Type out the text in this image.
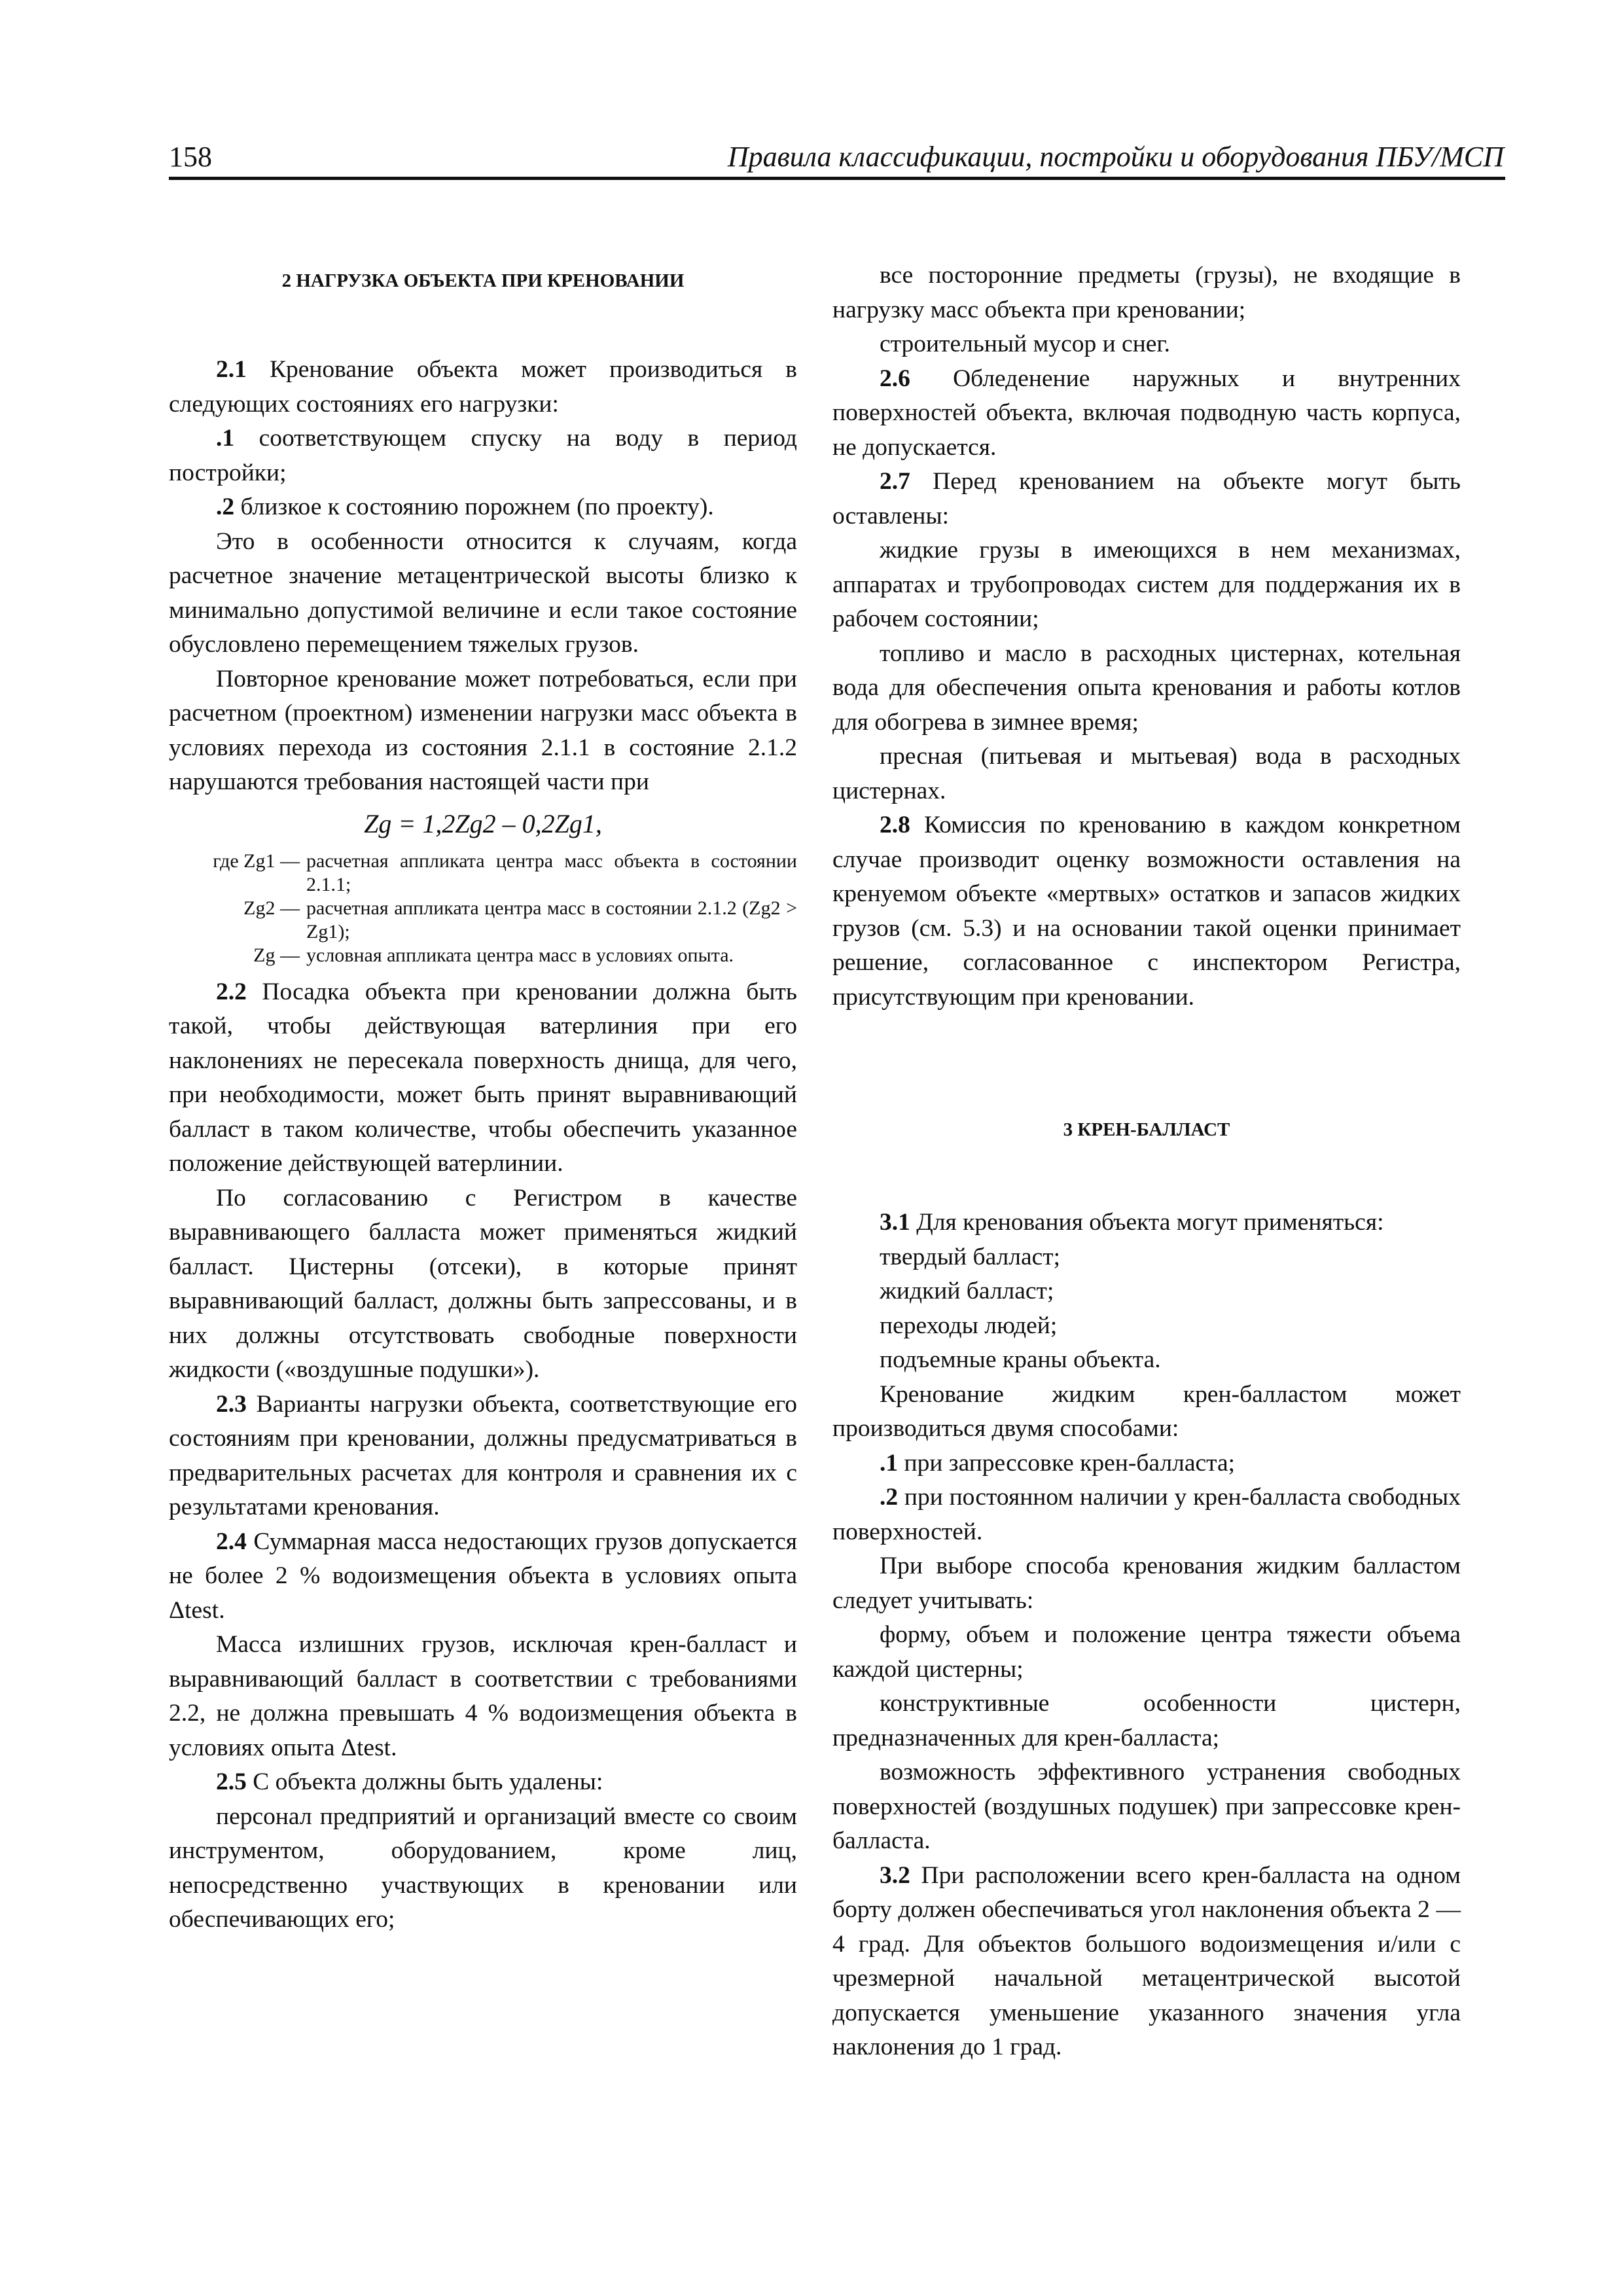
158	Правила классификации, постройки и оборудования ПБУ/МСП

2 НАГРУЗКА ОБЪЕКТА ПРИ КРЕНОВАНИИ

2.1 Кренование объекта может производиться в следующих состояниях его нагрузки:

.1 соответствующем спуску на воду в период постройки;

.2 близкое к состоянию порожнем (по проекту).

Это в особенности относится к случаям, когда расчетное значение метацентрической высоты близко к минимально допустимой величине и если такое состояние обусловлено перемещением тяжелых грузов.

Повторное кренование может потребоваться, если при расчетном (проектном) изменении нагрузки масс объекта в условиях перехода из состояния 2.1.1 в состояние 2.1.2 нарушаются требования настоящей части при

Zg = 1,2Zg2 – 0,2Zg1,

где Zg1 — расчетная аппликата центра масс объекта в состоянии 2.1.1;
Zg2 — расчетная аппликата центра масс в состоянии 2.1.2 (Zg2 > Zg1);
Zg — условная аппликата центра масс в условиях опыта.

2.2 Посадка объекта при креновании должна быть такой, чтобы действующая ватерлиния при его наклонениях не пересекала поверхность днища, для чего, при необходимости, может быть принят выравнивающий балласт в таком количестве, чтобы обеспечить указанное положение действующей ватерлинии.

По согласованию с Регистром в качестве выравнивающего балласта может применяться жидкий балласт. Цистерны (отсеки), в которые принят выравнивающий балласт, должны быть запрессованы, и в них должны отсутствовать свободные поверхности жидкости («воздушные подушки»).

2.3 Варианты нагрузки объекта, соответствующие его состояниям при креновании, должны предусматриваться в предварительных расчетах для контроля и сравнения их с результатами кренования.

2.4 Суммарная масса недостающих грузов допускается не более 2 % водоизмещения объекта в условиях опыта Δtest.

Масса излишних грузов, исключая крен-балласт и выравнивающий балласт в соответствии с требованиями 2.2, не должна превышать 4 % водоизмещения объекта в условиях опыта Δtest.

2.5 С объекта должны быть удалены:

персонал предприятий и организаций вместе со своим инструментом, оборудованием, кроме лиц, непосредственно участвующих в креновании или обеспечивающих его;

все посторонние предметы (грузы), не входящие в нагрузку масс объекта при креновании;

строительный мусор и снег.

2.6 Обледенение наружных и внутренних поверхностей объекта, включая подводную часть корпуса, не допускается.

2.7 Перед кренованием на объекте могут быть оставлены:

жидкие грузы в имеющихся в нем механизмах, аппаратах и трубопроводах систем для поддержания их в рабочем состоянии;

топливо и масло в расходных цистернах, котельная вода для обеспечения опыта кренования и работы котлов для обогрева в зимнее время;

пресная (питьевая и мытьевая) вода в расходных цистернах.

2.8 Комиссия по кренованию в каждом конкретном случае производит оценку возможности оставления на кренуемом объекте «мертвых» остатков и запасов жидких грузов (см. 5.3) и на основании такой оценки принимает решение, согласованное с инспектором Регистра, присутствующим при креновании.

3 КРЕН-БАЛЛАСТ

3.1 Для кренования объекта могут применяться:

твердый балласт;

жидкий балласт;

переходы людей;

подъемные краны объекта.

Кренование жидким крен-балластом может производиться двумя способами:

.1 при запрессовке крен-балласта;

.2 при постоянном наличии у крен-балласта свободных поверхностей.

При выборе способа кренования жидким балластом следует учитывать:

форму, объем и положение центра тяжести объема каждой цистерны;

конструктивные особенности цистерн, предназначенных для крен-балласта;

возможность эффективного устранения свободных поверхностей (воздушных подушек) при запрессовке крен-балласта.

3.2 При расположении всего крен-балласта на одном борту должен обеспечиваться угол наклонения объекта 2 — 4 град. Для объектов большого водоизмещения и/или с чрезмерной начальной метацентрической высотой допускается уменьшение указанного значения угла наклонения до 1 град.
